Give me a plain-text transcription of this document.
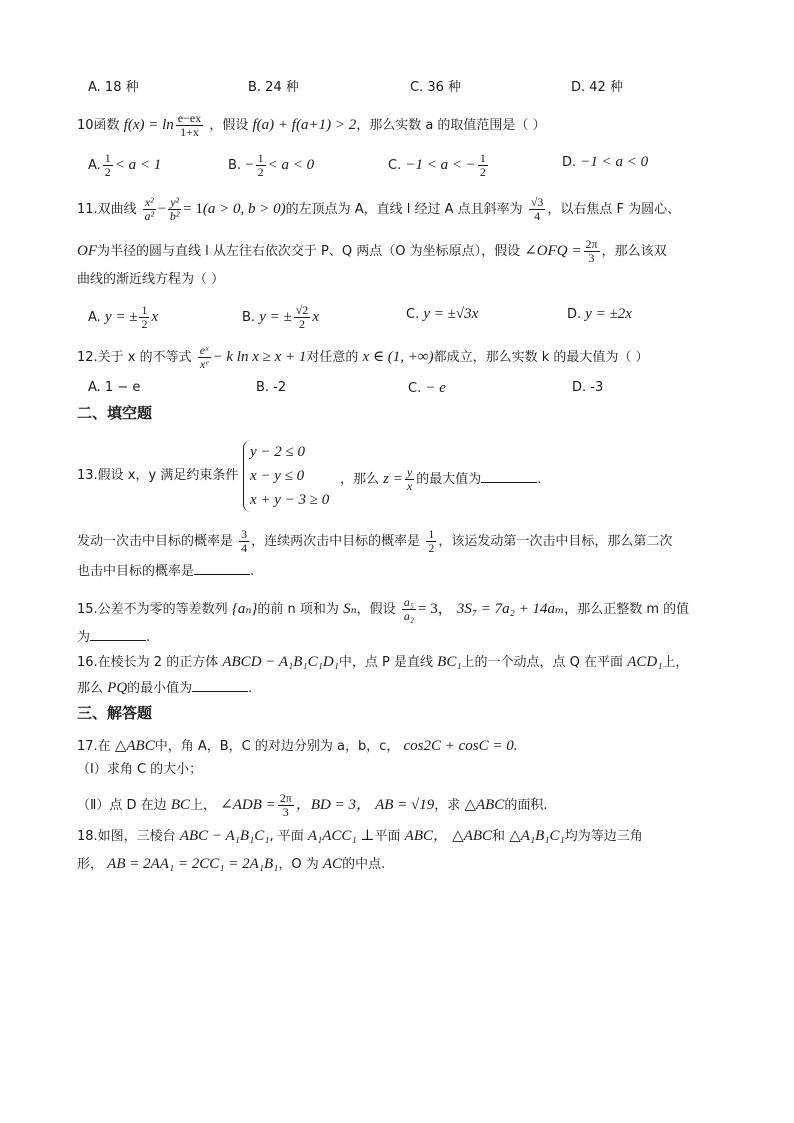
A. 18 种	B. 24 种	C. 36 种	D. 42 种
10函数 $f(x) = \ln \frac{e-ex}{1+x}$ ，假设 f(a) + f(a+1) > 2，那么实数 a 的取值范围是（ ）
A. $\frac{1}{2} < a < 1$	B. − $\frac{1}{2} < a < 0$	C. −1 < a < − $\frac{1}{2}$	D. −1 < a < 0
11.双曲线 $\frac{\text{x²}}{\text{a²}} - \frac{\text{y²}}{\text{b²}} = 1(a > 0$, b > 0)的左顶点为 A，直线 l 经过 A 点且斜率为 $\frac{√3}{4}$ ，以右焦点 F 为圆心、
OF为半径的圆与直线 l 从左往右依次交于 P、Q 两点（O 为坐标原点），假设 ∠OFQ = $\frac{2\pi}{3}$ ，那么该双
曲线的渐近线方程为（ ）
A. y = ± $\frac{1}{2}$ x	B. y = ± $\frac{√2}{2}$ x	C. y = ±√3x	D. y = ±2x
12.关于 x 的不等式 $\frac{\text{eˣ}}{\text{xᵉ}} - k$ ln x ≥ x + 1对任意的 x ∈ (1, +∞)都成立，那么实数 k 的最大值为（ ）
A. 1 − e	B. -2	C. − e	D. -3
二、填空题
13.假设 x，y 满足约束条件
y − 2 ≤ 0
x − y ≤ 0
x + y − 3 ≥ 0
，那么 $z = \frac{y}{x}$ 的最大值为	.
发动一次击中目标的概率是 $\frac{3}{4}$ ，连续两次击中目标的概率是 $\frac{1}{2}$ ，该运发动第一次击中目标，那么第二次
也击中目标的概率是	.
15.公差不为零的等差数列 {aₙ}的前 n 项和为 Sₙ，假设 $\frac{\text{a₅}}{\text{a₂}} = 3$， 3S₇ = 7a₂ + 14aₘ，那么正整数 m 的值
为	.
16.在棱长为 2 的正方体 ABCD − A₁B₁C₁D₁中，点 P 是直线 BC₁上的一个动点，点 Q 在平面 ACD₁上，
那么 PQ的最小值为	.
三、解答题
17.在 △ABC中，角 A，B，C 的对边分别为 a，b，c， cos2C + cosC = 0.
（Ⅰ）求角 C 的大小；
（Ⅱ）点 D 在边 BC上， ∠ADB = $\frac{2\pi}{3}$ ，BD = 3， AB = √19，求 △ABC的面积.
18.如图，三棱台 ABC − A₁B₁C₁, 平面 A₁ACC₁ ⊥平面 ABC， △ABC和 △A₁B₁C₁均为等边三角
形， AB = 2AA₁ = 2CC₁ = 2A₁B₁，O 为 AC的中点.
